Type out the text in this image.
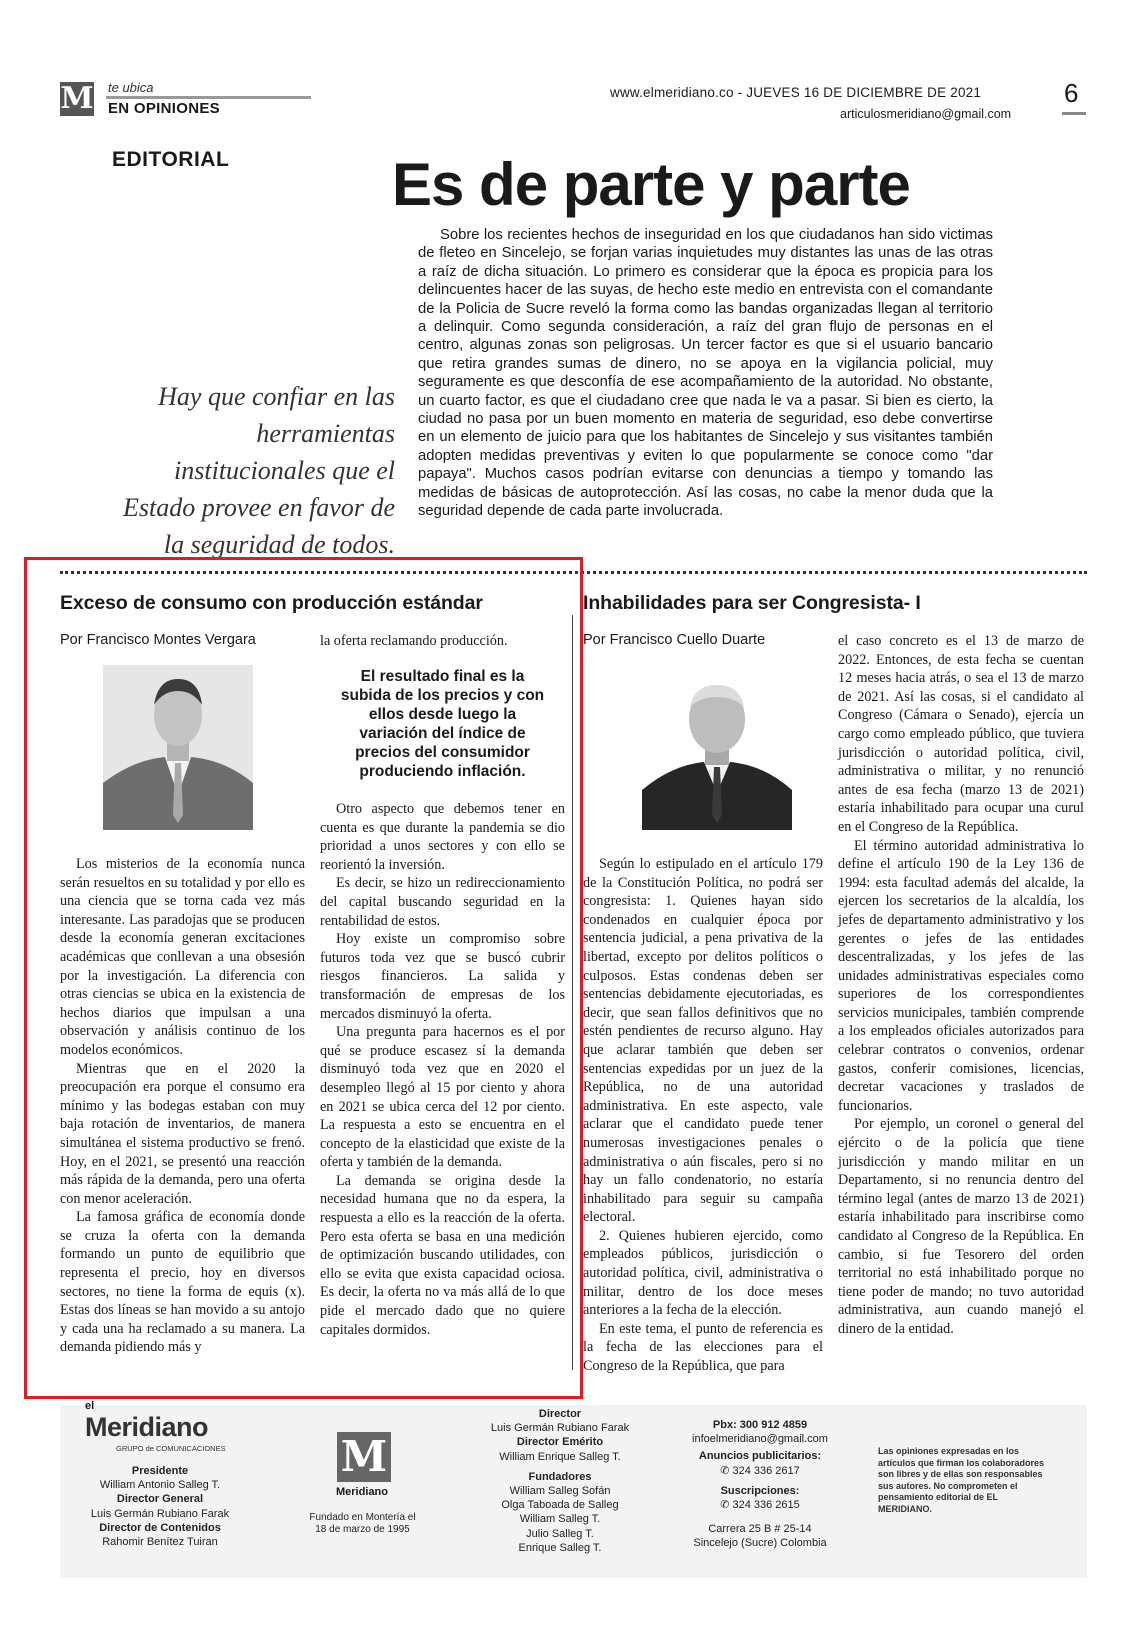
M te ubica
EN OPINIONES
www.elmeridiano.co - JUEVES 16 DE DICIEMBRE DE 2021
articulosmeridiano@gmail.com
6
EDITORIAL	Es de parte y parte

Sobre los recientes hechos de inseguridad en los que ciudadanos han sido victimas de fleteo en Sincelejo, se forjan varias inquietudes muy distantes las unas de las otras a raíz de dicha situación. Lo primero es considerar que la época es propicia para los delincuentes hacer de las suyas, de hecho este medio en entrevista con el comandante de la Policia de Sucre reveló la forma como las bandas organizadas llegan al territorio a delinquir. Como segunda consideración, a raíz del gran flujo de personas en el centro, algunas zonas son peligrosas. Un tercer factor es que si el usuario bancario que retira grandes sumas de dinero, no se apoya en la vigilancia policial, muy seguramente es que desconfía de ese acompañamiento de la autoridad. No obstante, un cuarto factor, es que el ciudadano cree que nada le va a pasar. Si bien es cierto, la ciudad no pasa por un buen momento en materia de seguridad, eso debe convertirse en un elemento de juicio para que los habitantes de Sincelejo y sus visitantes también adopten medidas preventivas y eviten lo que popularmente se conoce como "dar papaya". Muchos casos podrían evitarse con denuncias a tiempo y tomando las medidas de básicas de autoprotección. Así las cosas, no cabe la menor duda que la seguridad depende de cada parte involucrada.

Hay que confiar en las herramientas institucionales que el Estado provee en favor de la seguridad de todos.
Exceso de consumo con producción estándar
Por Francisco Montes Vergara

Los misterios de la economía nunca serán resueltos en su totalidad y por ello es una ciencia que se torna cada vez más interesante. Las paradojas que se producen desde la economía generan excitaciones académicas que conllevan a una obsesión por la investigación. La diferencia con otras ciencias se ubica en la existencia de hechos diarios que impulsan a una observación y análisis continuo de los modelos económicos.

Mientras que en el 2020 la preocupación era porque el consumo era mínimo y las bodegas estaban con muy baja rotación de inventarios, de manera simultánea el sistema productivo se frenó. Hoy, en el 2021, se presentó una reacción más rápida de la demanda, pero una oferta con menor aceleración.

La famosa gráfica de economía donde se cruza la oferta con la demanda formando un punto de equilibrio que representa el precio, hoy en diversos sectores, no tiene la forma de equis (x). Estas dos líneas se han movido a su antojo y cada una ha reclamado a su manera. La demanda pidiendo más y

la oferta reclamando producción.

El resultado final es la subida de los precios y con ellos desde luego la variación del índice de precios del consumidor produciendo inflación.

Otro aspecto que debemos tener en cuenta es que durante la pandemia se dio prioridad a unos sectores y con ello se reorientó la inversión.

Es decir, se hizo un redireccionamiento del capital buscando seguridad en la rentabilidad de estos.

Hoy existe un compromiso sobre futuros toda vez que se buscó cubrir riesgos financieros. La salida y transformación de empresas de los mercados disminuyó la oferta.

Una pregunta para hacernos es el por qué se produce escasez sí la demanda disminuyó toda vez que en 2020 el desempleo llegó al 15 por ciento y ahora en 2021 se ubica cerca del 12 por ciento. La respuesta a esto se encuentra en el concepto de la elasticidad que existe de la oferta y también de la demanda.

La demanda se origina desde la necesidad humana que no da espera, la respuesta a ello es la reacción de la oferta. Pero esta oferta se basa en una medición de optimización buscando utilidades, con ello se evita que exista capacidad ociosa. Es decir, la oferta no va más allá de lo que pide el mercado dado que no quiere capitales dormidos.

Inhabilidades para ser Congresista- I
Por Francisco Cuello Duarte

Según lo estipulado en el artículo 179 de la Constitución Política, no podrá ser congresista: 1. Quienes hayan sido condenados en cualquier época por sentencia judicial, a pena privativa de la libertad, excepto por delitos políticos o culposos. Estas condenas deben ser sentencias debidamente ejecutoriadas, es decir, que sean fallos definitivos que no estén pendientes de recurso alguno. Hay que aclarar también que deben ser sentencias expedidas por un juez de la República, no de una autoridad administrativa. En este aspecto, vale aclarar que el candidato puede tener numerosas investigaciones penales o administrativa o aún fiscales, pero si no hay un fallo condenatorio, no estaría inhabilitado para seguir su campaña electoral.

2. Quienes hubieren ejercido, como empleados públicos, jurisdicción o autoridad política, civil, administrativa o militar, dentro de los doce meses anteriores a la fecha de la elección.

En este tema, el punto de referencia es la fecha de las elecciones para el Congreso de la República, que para

el caso concreto es el 13 de marzo de 2022. Entonces, de esta fecha se cuentan 12 meses hacia atrás, o sea el 13 de marzo de 2021. Así las cosas, si el candidato al Congreso (Cámara o Senado), ejercía un cargo como empleado público, que tuviera jurisdicción o autoridad política, civil, administrativa o militar, y no renunció antes de esa fecha (marzo 13 de 2021) estaría inhabilitado para ocupar una curul en el Congreso de la República.

El término autoridad administrativa lo define el artículo 190 de la Ley 136 de 1994: esta facultad además del alcalde, la ejercen los secretarios de la alcaldía, los jefes de departamento administrativo y los gerentes o jefes de las entidades descentralizadas, y los jefes de las unidades administrativas especiales como superiores de los correspondientes servicios municipales, también comprende a los empleados oficiales autorizados para celebrar contratos o convenios, ordenar gastos, conferir comisiones, licencias, decretar vacaciones y traslados de funcionarios.

Por ejemplo, un coronel o general del ejército o de la policía que tiene jurisdicción y mando militar en un Departamento, si no renuncia dentro del término legal (antes de marzo 13 de 2021) estaría inhabilitado para inscribirse como candidato al Congreso de la República. En cambio, si fue Tesorero del orden territorial no está inhabilitado porque no tiene poder de mando; no tuvo autoridad administrativa, aun cuando manejó el dinero de la entidad.

el
Meridiano
GRUPO de COMUNICACIONES
Presidente
William Antonio Salleg T.
Director General
Luis Germán Rubiano Farak
Director de Contenidos
Rahomir Benítez Tuiran
M
Meridiano
Fundado en Montería el 18 de marzo de 1995
Director
Luis Germán Rubiano Farak
Director Emérito
William Enrique Salleg T.
Fundadores
William Salleg Sofán
Olga Taboada de Salleg
William Salleg T.
Julio Salleg T.
Enrique Salleg T.
Pbx: 300 912 4859
infoelmeridiano@gmail.com
Anuncios publicitarios:
✆ 324 336 2617
Suscripciones:
✆ 324 336 2615
Carrera 25 B # 25-14
Sincelejo (Sucre) Colombia
Las opiniones expresadas en los artículos que firman los colaboradores son libres y de ellas son responsables sus autores. No comprometen el pensamiento editorial de EL MERIDIANO.
